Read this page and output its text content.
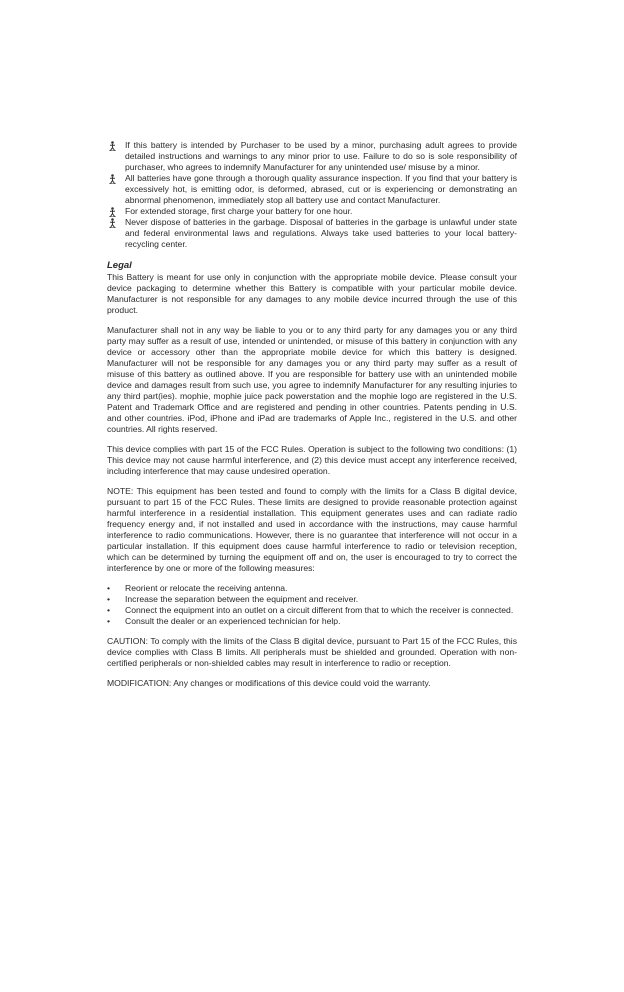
If this battery is intended by Purchaser to be used by a minor, purchasing adult agrees to provide detailed instructions and warnings to any minor prior to use. Failure to do so is sole responsibility of purchaser, who agrees to indemnify Manufacturer for any unintended use/ misuse by a minor.
All batteries have gone through a thorough quality assurance inspection. If you find that your battery is excessively hot, is emitting odor, is deformed, abrased, cut or is experiencing or demonstrating an abnormal phenomenon, immediately stop all battery use and contact Manufacturer.
For extended storage, first charge your battery for one hour.
Never dispose of batteries in the garbage. Disposal of batteries in the garbage is unlawful under state and federal environmental laws and regulations. Always take used batteries to your local battery-recycling center.
Legal

This Battery is meant for use only in conjunction with the appropriate mobile device. Please consult your device packaging to determine whether this Battery is compatible with your particular mobile device. Manufacturer is not responsible for any damages to any mobile device incurred through the use of this product.

Manufacturer shall not in any way be liable to you or to any third party for any damages you or any third party may suffer as a result of use, intended or unintended, or misuse of this battery in conjunction with any device or accessory other than the appropriate mobile device for which this battery is designed. Manufacturer will not be responsible for any damages you or any third party may suffer as a result of misuse of this battery as outlined above. If you are responsible for battery use with an unintended mobile device and damages result from such use, you agree to indemnify Manufacturer for any resulting injuries to any third part(ies). mophie, mophie juice pack powerstation and the mophie logo are registered in the U.S. Patent and Trademark Office and are registered and pending in other countries. Patents pending in U.S. and other countries. iPod, iPhone and iPad are trademarks of Apple Inc., registered in the U.S. and other countries. All rights reserved.

This device complies with part 15 of the FCC Rules. Operation is subject to the following two conditions: (1) This device may not cause harmful interference, and (2) this device must accept any interference received, including interference that may cause undesired operation.

NOTE: This equipment has been tested and found to comply with the limits for a Class B digital device, pursuant to part 15 of the FCC Rules. These limits are designed to provide reasonable protection against harmful interference in a residential installation. This equipment generates uses and can radiate radio frequency energy and, if not installed and used in accordance with the instructions, may cause harmful interference to radio communications. However, there is no guarantee that interference will not occur in a particular installation. If this equipment does cause harmful interference to radio or television reception, which can be determined by turning the equipment off and on, the user is encouraged to try to correct the interference by one or more of the following measures:

• Reorient or relocate the receiving antenna.
• Increase the separation between the equipment and receiver.
• Connect the equipment into an outlet on a circuit different from that to which the receiver is connected.
• Consult the dealer or an experienced technician for help.

CAUTION: To comply with the limits of the Class B digital device, pursuant to Part 15 of the FCC Rules, this device complies with Class B limits. All peripherals must be shielded and grounded. Operation with non-certified peripherals or non-shielded cables may result in interference to radio or reception.

MODIFICATION: Any changes or modifications of this device could void the warranty.
